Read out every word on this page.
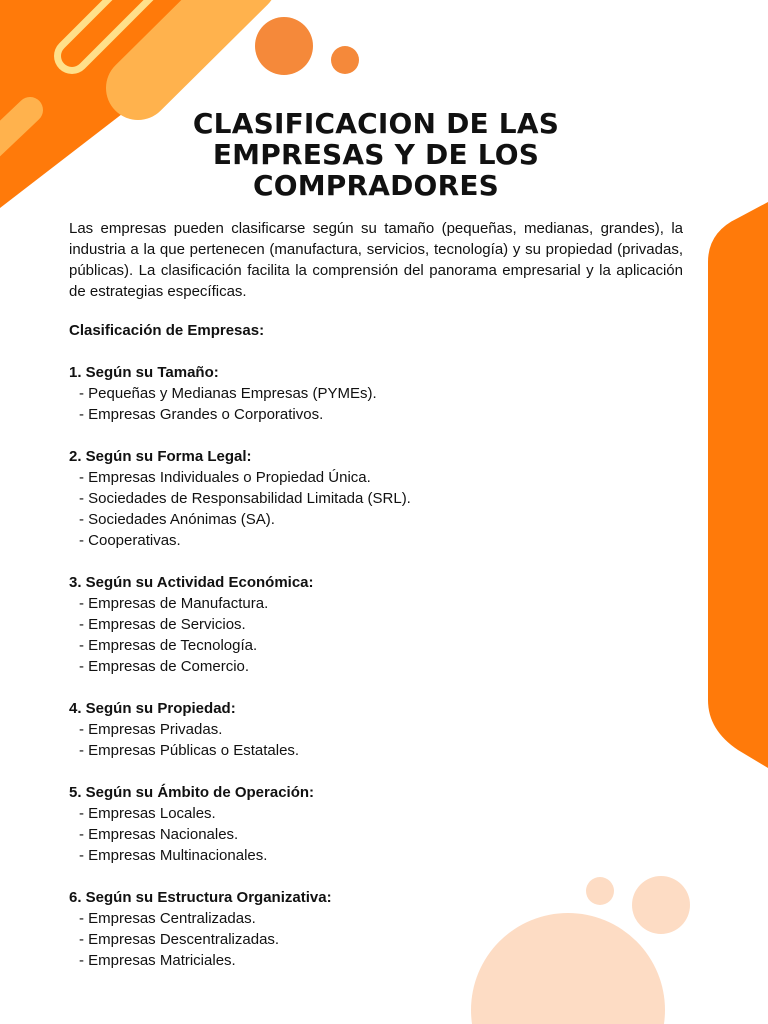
CLASIFICACION DE LAS
EMPRESAS Y DE LOS
COMPRADORES

Las empresas pueden clasificarse según su tamaño (pequeñas, medianas, grandes), la industria a la que pertenecen (manufactura, servicios, tecnología) y su propiedad (privadas, públicas). La clasificación facilita la comprensión del panorama empresarial y la aplicación de estrategias específicas.

Clasificación de Empresas:
1. Según su Tamaño:
- Pequeñas y Medianas Empresas (PYMEs).
- Empresas Grandes o Corporativos.
2. Según su Forma Legal:
- Empresas Individuales o Propiedad Única.
- Sociedades de Responsabilidad Limitada (SRL).
- Sociedades Anónimas (SA).
- Cooperativas.
3. Según su Actividad Económica:
- Empresas de Manufactura.
- Empresas de Servicios.
- Empresas de Tecnología.
- Empresas de Comercio.
4. Según su Propiedad:
- Empresas Privadas.
- Empresas Públicas o Estatales.
5. Según su Ámbito de Operación:
- Empresas Locales.
- Empresas Nacionales.
- Empresas Multinacionales.
6. Según su Estructura Organizativa:
- Empresas Centralizadas.
- Empresas Descentralizadas.
- Empresas Matriciales.
